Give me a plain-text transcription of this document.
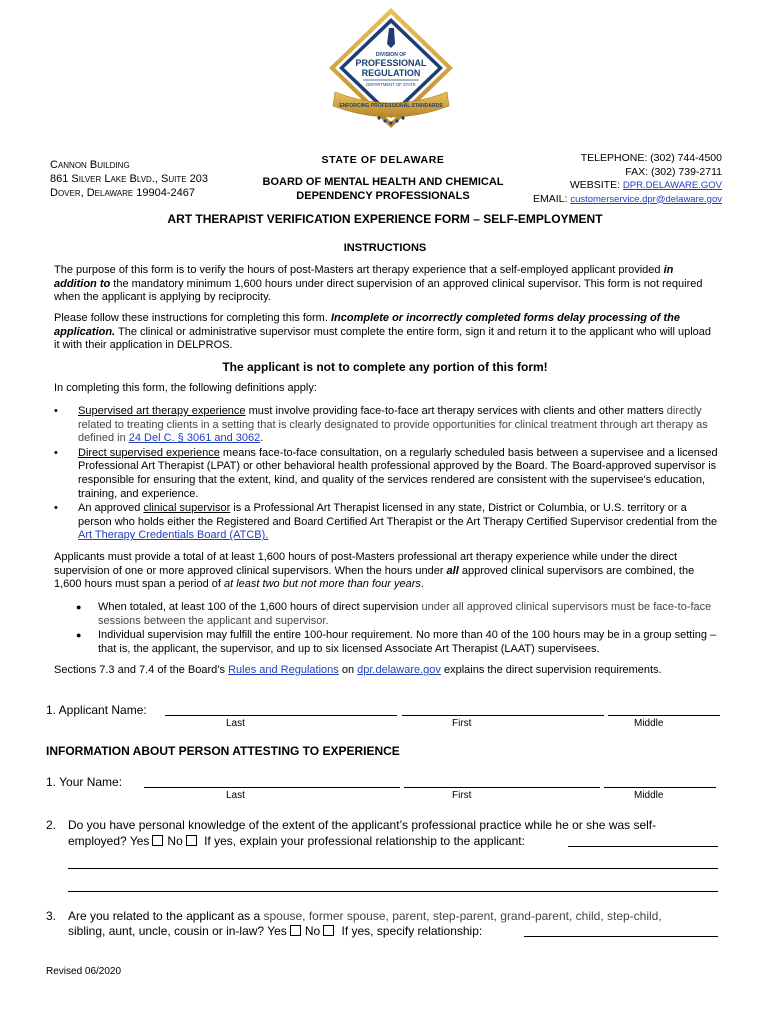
DIVISION OF
PROFESSIONAL
REGULATION
DEPARTMENT OF STATE
ENFORCING PROFESSIONAL STANDARDS
Cannon Building
861 Silver Lake Blvd., Suite 203
Dover, Delaware 19904-2467
STATE OF DELAWARE
BOARD OF MENTAL HEALTH AND CHEMICAL
DEPENDENCY PROFESSIONALS
TELEPHONE: (302) 744-4500
FAX: (302) 739-2711
WEBSITE: DPR.DELAWARE.GOV
EMAIL: customerservice.dpr@delaware.gov
ART THERAPIST VERIFICATION EXPERIENCE FORM – SELF-EMPLOYMENT
INSTRUCTIONS
The purpose of this form is to verify the hours of post-Masters art therapy experience that a self-employed applicant provided in addition to the mandatory minimum 1,600 hours under direct supervision of an approved clinical supervisor. This form is not required when the applicant is applying by reciprocity.
Please follow these instructions for completing this form. Incomplete or incorrectly completed forms delay processing of the application. The clinical or administrative supervisor must complete the entire form, sign it and return it to the applicant who will upload it with their application in DELPROS.
The applicant is not to complete any portion of this form!
In completing this form, the following definitions apply:
• Supervised art therapy experience must involve providing face-to-face art therapy services with clients and other matters directly related to treating clients in a setting that is clearly designated to provide opportunities for clinical treatment through art therapy as defined in 24 Del C. § 3061 and 3062.
• Direct supervised experience means face-to-face consultation, on a regularly scheduled basis between a supervisee and a licensed Professional Art Therapist (LPAT) or other behavioral health professional approved by the Board. The Board-approved supervisor is responsible for ensuring that the extent, kind, and quality of the services rendered are consistent with the supervisee's education, training, and experience.
• An approved clinical supervisor is a Professional Art Therapist licensed in any state, District or Columbia, or U.S. territory or a person who holds either the Registered and Board Certified Art Therapist or the Art Therapy Certified Supervisor credential from the Art Therapy Credentials Board (ATCB).
Applicants must provide a total of at least 1,600 hours of post-Masters professional art therapy experience while under the direct supervision of one or more approved clinical supervisors. When the hours under all approved clinical supervisors are combined, the 1,600 hours must span a period of at least two but not more than four years.
● When totaled, at least 100 of the 1,600 hours of direct supervision under all approved clinical supervisors must be face-to-face sessions between the applicant and supervisor.
● Individual supervision may fulfill the entire 100-hour requirement. No more than 40 of the 100 hours may be in a group setting – that is, the applicant, the supervisor, and up to six licensed Associate Art Therapist (LAAT) supervisees.
Sections 7.3 and 7.4 of the Board’s Rules and Regulations on dpr.delaware.gov explains the direct supervision requirements.
1. Applicant Name:
Last	First	Middle
INFORMATION ABOUT PERSON ATTESTING TO EXPERIENCE
1. Your Name:
Last	First	Middle
2. Do you have personal knowledge of the extent of the applicant’s professional practice while he or she was self-
employed? Yes No If yes, explain your professional relationship to the applicant:
3. Are you related to the applicant as a spouse, former spouse, parent, step-parent, grand-parent, child, step-child,
sibling, aunt, uncle, cousin or in-law? Yes No If yes, specify relationship:
Revised 06/2020
